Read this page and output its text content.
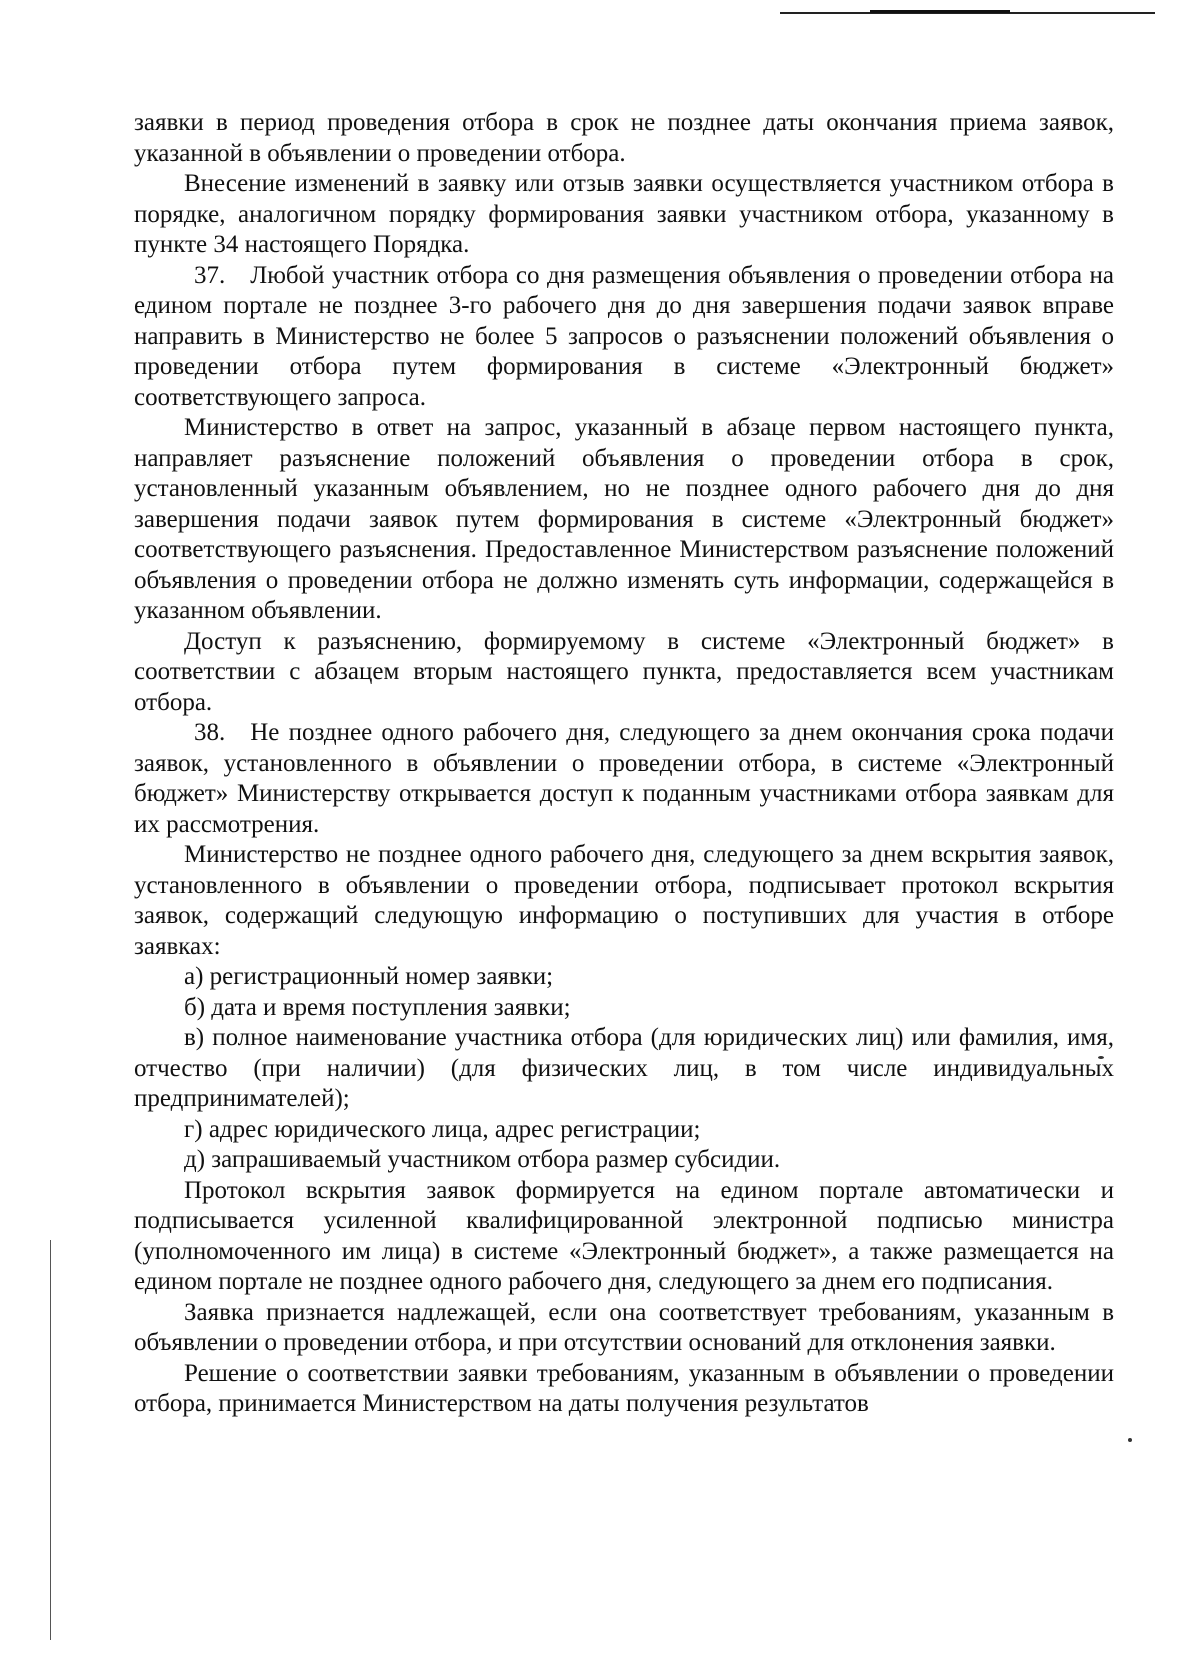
заявки в период проведения отбора в срок не позднее даты окончания приема заявок, указанной в объявлении о проведении отбора.

Внесение изменений в заявку или отзыв заявки осуществляется участником отбора в порядке, аналогичном порядку формирования заявки участником отбора, указанному в пункте 34 настоящего Порядка.

37. Любой участник отбора со дня размещения объявления о проведении отбора на едином портале не позднее 3-го рабочего дня до дня завершения подачи заявок вправе направить в Министерство не более 5 запросов о разъяснении положений объявления о проведении отбора путем формирования в системе «Электронный бюджет» соответствующего запроса.

Министерство в ответ на запрос, указанный в абзаце первом настоящего пункта, направляет разъяснение положений объявления о проведении отбора в срок, установленный указанным объявлением, но не позднее одного рабочего дня до дня завершения подачи заявок путем формирования в системе «Электронный бюджет» соответствующего разъяснения. Предоставленное Министерством разъяснение положений объявления о проведении отбора не должно изменять суть информации, содержащейся в указанном объявлении.

Доступ к разъяснению, формируемому в системе «Электронный бюджет» в соответствии с абзацем вторым настоящего пункта, предоставляется всем участникам отбора.

38. Не позднее одного рабочего дня, следующего за днем окончания срока подачи заявок, установленного в объявлении о проведении отбора, в системе «Электронный бюджет» Министерству открывается доступ к поданным участниками отбора заявкам для их рассмотрения.

Министерство не позднее одного рабочего дня, следующего за днем вскрытия заявок, установленного в объявлении о проведении отбора, подписывает протокол вскрытия заявок, содержащий следующую информацию о поступивших для участия в отборе заявках:

а) регистрационный номер заявки;

б) дата и время поступления заявки;

в) полное наименование участника отбора (для юридических лиц) или фамилия, имя, отчество (при наличии) (для физических лиц, в том числе индивидуальных предпринимателей);

г) адрес юридического лица, адрес регистрации;

д) запрашиваемый участником отбора размер субсидии.

Протокол вскрытия заявок формируется на едином портале автоматически и подписывается усиленной квалифицированной электронной подписью министра (уполномоченного им лица) в системе «Электронный бюджет», а также размещается на едином портале не позднее одного рабочего дня, следующего за днем его подписания.

Заявка признается надлежащей, если она соответствует требованиям, указанным в объявлении о проведении отбора, и при отсутствии оснований для отклонения заявки.

Решение о соответствии заявки требованиям, указанным в объявлении о проведении отбора, принимается Министерством на даты получения результатов
